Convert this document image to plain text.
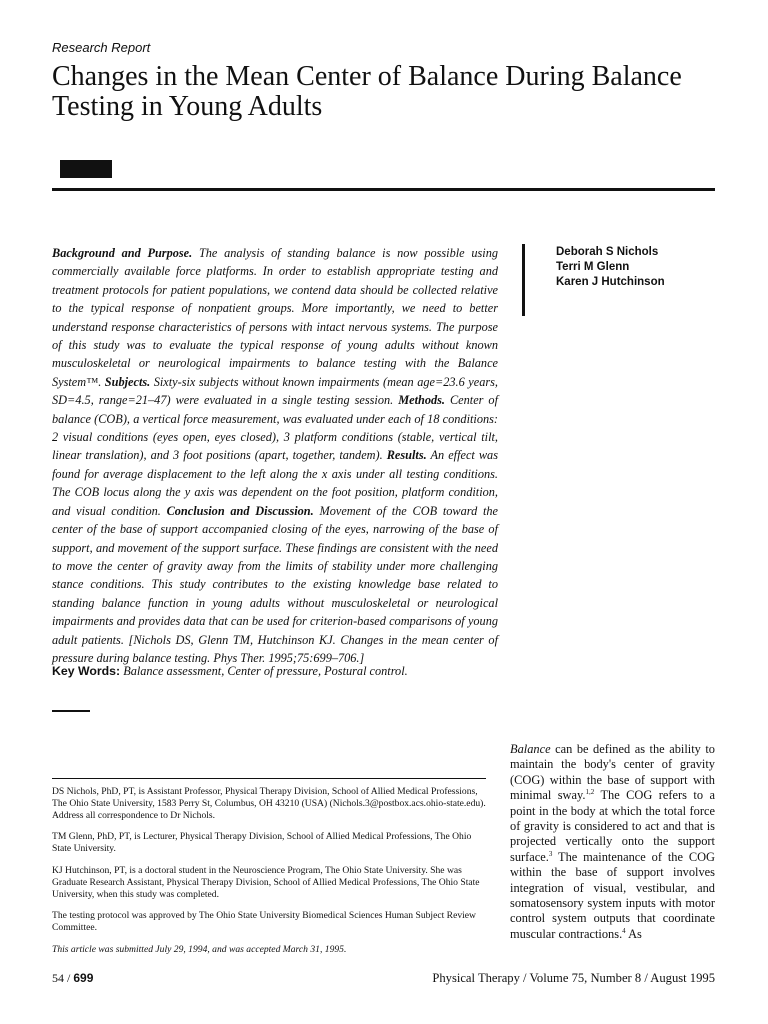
Research Report
Changes in the Mean Center of Balance During Balance Testing in Young Adults

Background and Purpose. The analysis of standing balance is now possible using commercially available force platforms. In order to establish appropriate testing and treatment protocols for patient populations, we contend data should be collected relative to the typical response of nonpatient groups. More importantly, we need to better understand response characteristics of persons with intact nervous systems. The purpose of this study was to evaluate the typical response of young adults without known musculoskeletal or neurological impairments to balance testing with the Balance System™. Subjects. Sixty-six subjects without known impairments (mean age=23.6 years, SD=4.5, range=21–47) were evaluated in a single testing session. Methods. Center of balance (COB), a vertical force measurement, was evaluated under each of 18 conditions: 2 visual conditions (eyes open, eyes closed), 3 platform conditions (stable, vertical tilt, linear translation), and 3 foot positions (apart, together, tandem). Results. An effect was found for average displacement to the left along the x axis under all testing conditions. The COB locus along the y axis was dependent on the foot position, platform condition, and visual condition. Conclusion and Discussion. Movement of the COB toward the center of the base of support accompanied closing of the eyes, narrowing of the base of support, and movement of the support surface. These findings are consistent with the need to move the center of gravity away from the limits of stability under more challenging stance conditions. This study contributes to the existing knowledge base related to standing balance function in young adults without musculoskeletal or neurological impairments and provides data that can be used for criterion-based comparisons of young adult patients. [Nichols DS, Glenn TM, Hutchinson KJ. Changes in the mean center of pressure during balance testing. Phys Ther. 1995;75:699–706.]

Deborah S Nichols
Terri M Glenn
Karen J Hutchinson
Key Words: Balance assessment, Center of pressure, Postural control.

DS Nichols, PhD, PT, is Assistant Professor, Physical Therapy Division, School of Allied Medical Professions, The Ohio State University, 1583 Perry St, Columbus, OH 43210 (USA) (Nichols.3@postbox.acs.ohio-state.edu). Address all correspondence to Dr Nichols.

TM Glenn, PhD, PT, is Lecturer, Physical Therapy Division, School of Allied Medical Professions, The Ohio State University.

KJ Hutchinson, PT, is a doctoral student in the Neuroscience Program, The Ohio State University. She was Graduate Research Assistant, Physical Therapy Division, School of Allied Medical Professions, The Ohio State University, when this study was completed.

The testing protocol was approved by The Ohio State University Biomedical Sciences Human Subject Review Committee.

This article was submitted July 29, 1994, and was accepted March 31, 1995.

Balance can be defined as the ability to maintain the body's center of gravity (COG) within the base of support with minimal sway.$^{1,2}$ The COG refers to a point in the body at which the total force of gravity is considered to act and that is projected vertically onto the support surface.$^3$ The maintenance of the COG within the base of support involves integration of visual, vestibular, and somatosensory system inputs with motor control system outputs that coordinate muscular contractions.$^4$ As

54 / 699	Physical Therapy / Volume 75, Number 8 / August 1995
